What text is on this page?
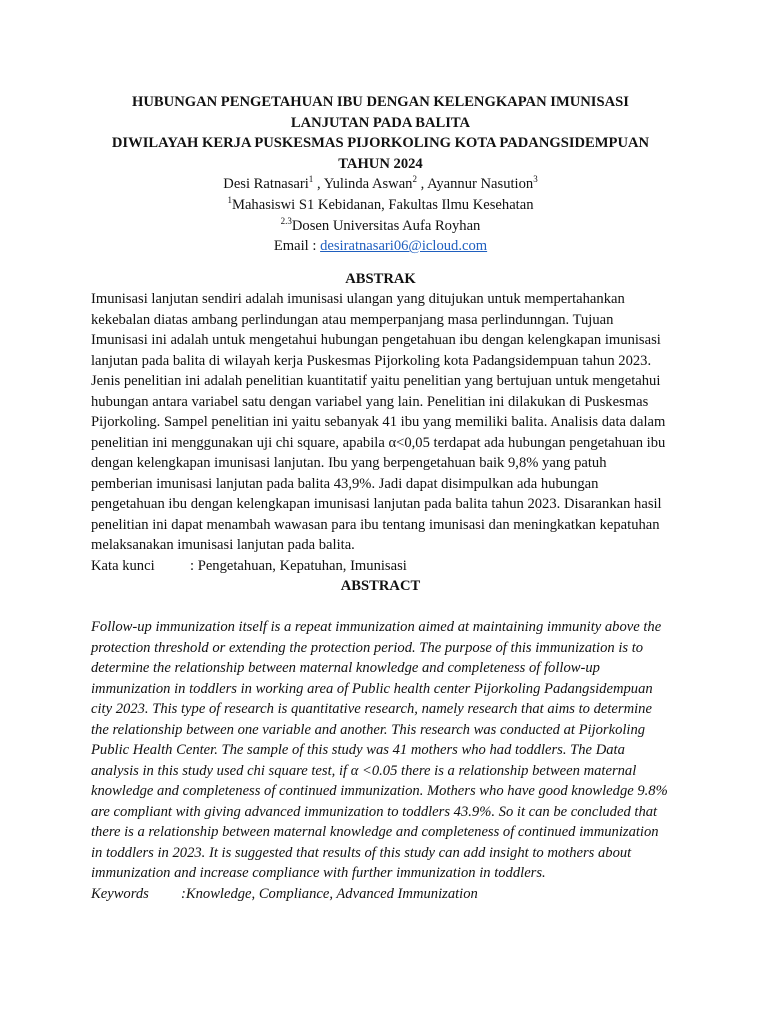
HUBUNGAN PENGETAHUAN IBU DENGAN KELENGKAPAN IMUNISASI
LANJUTAN PADA BALITA
DIWILAYAH KERJA PUSKESMAS PIJORKOLING KOTA PADANGSIDEMPUAN
TAHUN 2024
Desi Ratnasari$^1$ , Yulinda Aswan$^2$ , Ayannur Nasution$^3$
$^1$Mahasiswi S1 Kebidanan, Fakultas Ilmu Kesehatan
$^{2.3}$Dosen Universitas Aufa Royhan
Email : desiratnasari06@icloud.com
ABSTRAK

Imunisasi lanjutan sendiri adalah imunisasi ulangan yang ditujukan untuk mempertahankan kekebalan diatas ambang perlindungan atau memperpanjang masa perlindunngan. Tujuan Imunisasi ini adalah untuk mengetahui hubungan pengetahuan ibu dengan kelengkapan imunisasi lanjutan pada balita di wilayah kerja Puskesmas Pijorkoling kota Padangsidempuan tahun 2023. Jenis penelitian ini adalah penelitian kuantitatif yaitu penelitian yang bertujuan untuk mengetahui hubungan antara variabel satu dengan variabel yang lain. Penelitian ini dilakukan di Puskesmas Pijorkoling. Sampel penelitian ini yaitu sebanyak 41 ibu yang memiliki balita. Analisis data dalam penelitian ini menggunakan uji chi square, apabila α<0,05 terdapat ada hubungan pengetahuan ibu dengan kelengkapan imunisasi lanjutan. Ibu yang berpengetahuan baik 9,8% yang patuh pemberian imunisasi lanjutan pada balita 43,9%. Jadi dapat disimpulkan ada hubungan pengetahuan ibu dengan kelengkapan imunisasi lanjutan pada balita tahun 2023. Disarankan hasil penelitian ini dapat menambah wawasan para ibu tentang imunisasi dan meningkatkan kepatuhan melaksanakan imunisasi lanjutan pada balita.

Kata kunci	: Pengetahuan, Kepatuhan, Imunisasi
ABSTRACT

Follow-up immunization itself is a repeat immunization aimed at maintaining immunity above the protection threshold or extending the protection period. The purpose of this immunization is to determine the relationship between maternal knowledge and completeness of follow-up immunization in toddlers in working area of Public health center Pijorkoling Padangsidempuan city 2023. This type of research is quantitative research, namely research that aims to determine the relationship between one variable and another. This research was conducted at Pijorkoling Public Health Center. The sample of this study was 41 mothers who had toddlers. The Data analysis in this study used chi square test, if α <0.05 there is a relationship between maternal knowledge and completeness of continued immunization. Mothers who have good knowledge 9.8% are compliant with giving advanced immunization to toddlers 43.9%. So it can be concluded that there is a relationship between maternal knowledge and completeness of continued immunization in toddlers in 2023. It is suggested that results of this study can add insight to mothers about immunization and increase compliance with further immunization in toddlers.

Keywords	:Knowledge, Compliance, Advanced Immunization
